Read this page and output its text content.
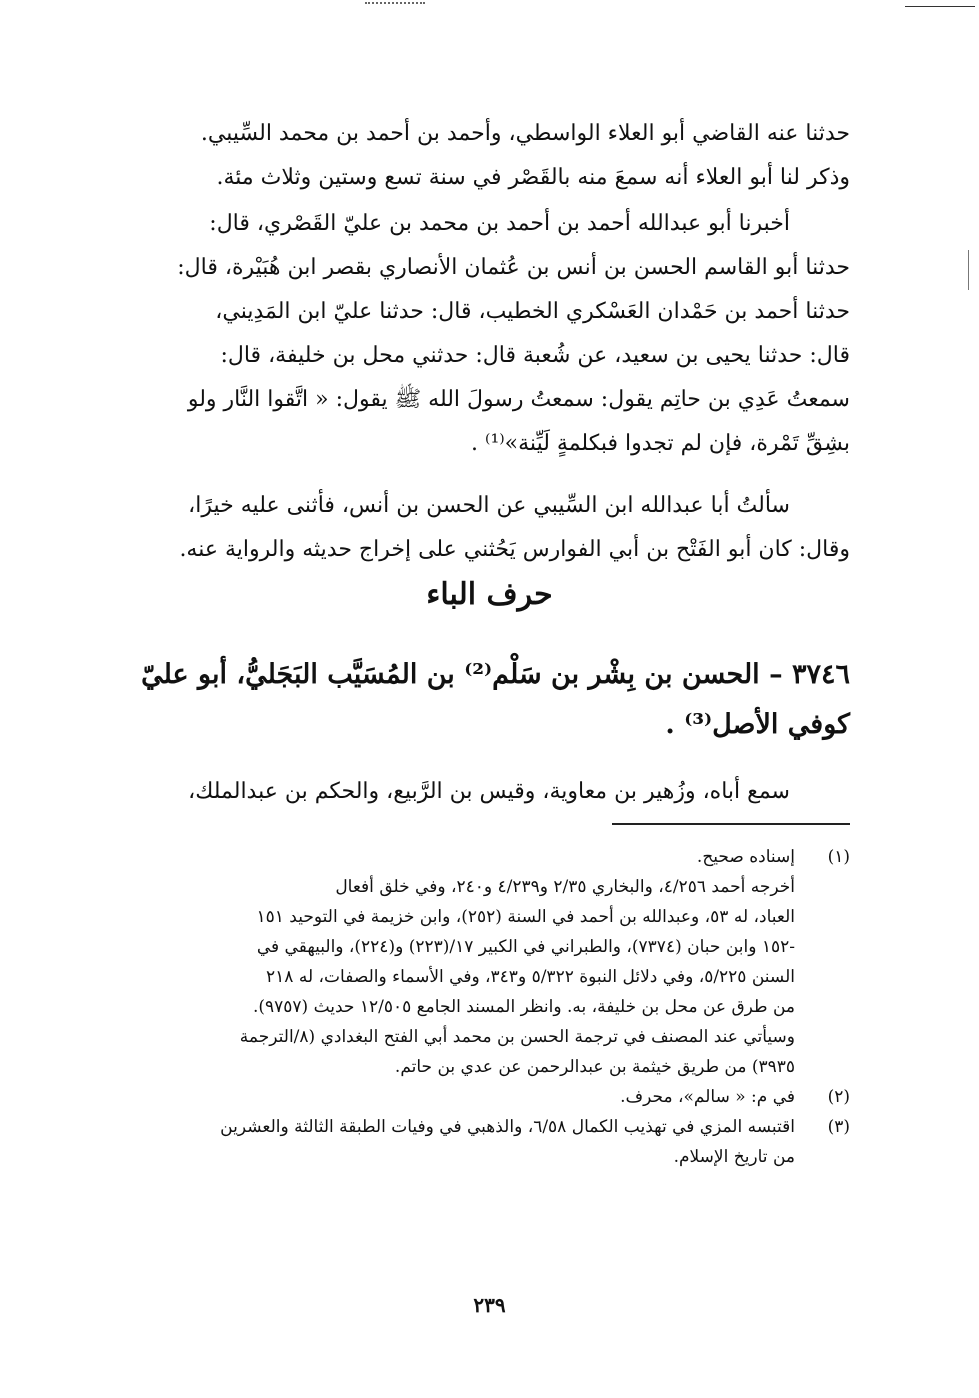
حدثنا عنه القاضي أبو العلاء الواسطي، وأحمد بن أحمد بن محمد السِّيبي.
وذكر لنا أبو العلاء أنه سمعَ منه بالقَصْر في سنة تسع وستين وثلاث مئة.
أخبرنا أبو عبدالله أحمد بن أحمد بن محمد بن عليّ القَصْري، قال:
حدثنا أبو القاسم الحسن بن أنس بن عُثمان الأنصاري بقصر ابن هُبَيْرة، قال:
حدثنا أحمد بن حَمْدان العَسْكري الخطيب، قال: حدثنا عليّ ابن المَدِيني،
قال: حدثنا يحيى بن سعيد، عن شُعبة قال: حدثني محل بن خليفة، قال:
سمعتُ عَدِي بن حاتِم يقول: سمعتُ رسولَ الله ﷺ يقول: « اتَّقوا النَّار ولو
بشِقِّ تَمْرة، فإن لم تجدوا فبكلمةٍ لَيِّنة»⁽¹⁾ .
سألتُ أبا عبدالله ابن السِّيبي عن الحسن بن أنس، فأثنى عليه خيرًا،
وقال: كان أبو الفَتْح بن أبي الفوارس يَحُثني على إخراج حديثه والرواية عنه.
حرف الباء
٣٧٤٦ – الحسن بن بِشْر بن سَلْم⁽²⁾ بن المُسَيَّب البَجَليُّ، أبو عليّ
كوفي الأصل⁽³⁾ .
سمع أباه، وزُهير بن معاوية، وقيس بن الرَّبيع، والحكم بن عبدالملك،
(١)
إسناده صحيح.
أخرجه أحمد ٤/٢٥٦، والبخاري ٢/٣٥ و٤/٢٣٩ و٢٤٠، وفي خلق أفعال
العباد، له ٥٣، وعبدالله بن أحمد في السنة (٢٥٢)، وابن خزيمة في التوحيد ١٥١
-١٥٢ وابن حبان (٧٣٧٤)، والطبراني في الكبير ١٧/(٢٢٣) و(٢٢٤)، والبيهقي في
السنن ٥/٢٢٥، وفي دلائل النبوة ٥/٣٢٢ و٣٤٣، وفي الأسماء والصفات، له ٢١٨
من طرق عن محل بن خليفة، به. وانظر المسند الجامع ١٢/٥٠٥ حديث (٩٧٥٧).
وسيأتي عند المصنف في ترجمة الحسن بن محمد أبي الفتح البغدادي (٨/الترجمة
٣٩٣٥) من طريق خيثمة بن عبدالرحمن عن عدي بن حاتم.
(٢)
في م: « سالم»، محرف.
(٣)
اقتبسه المزي في تهذيب الكمال ٦/٥٨، والذهبي في وفيات الطبقة الثالثة والعشرين
من تاريخ الإسلام.
٢٣٩
